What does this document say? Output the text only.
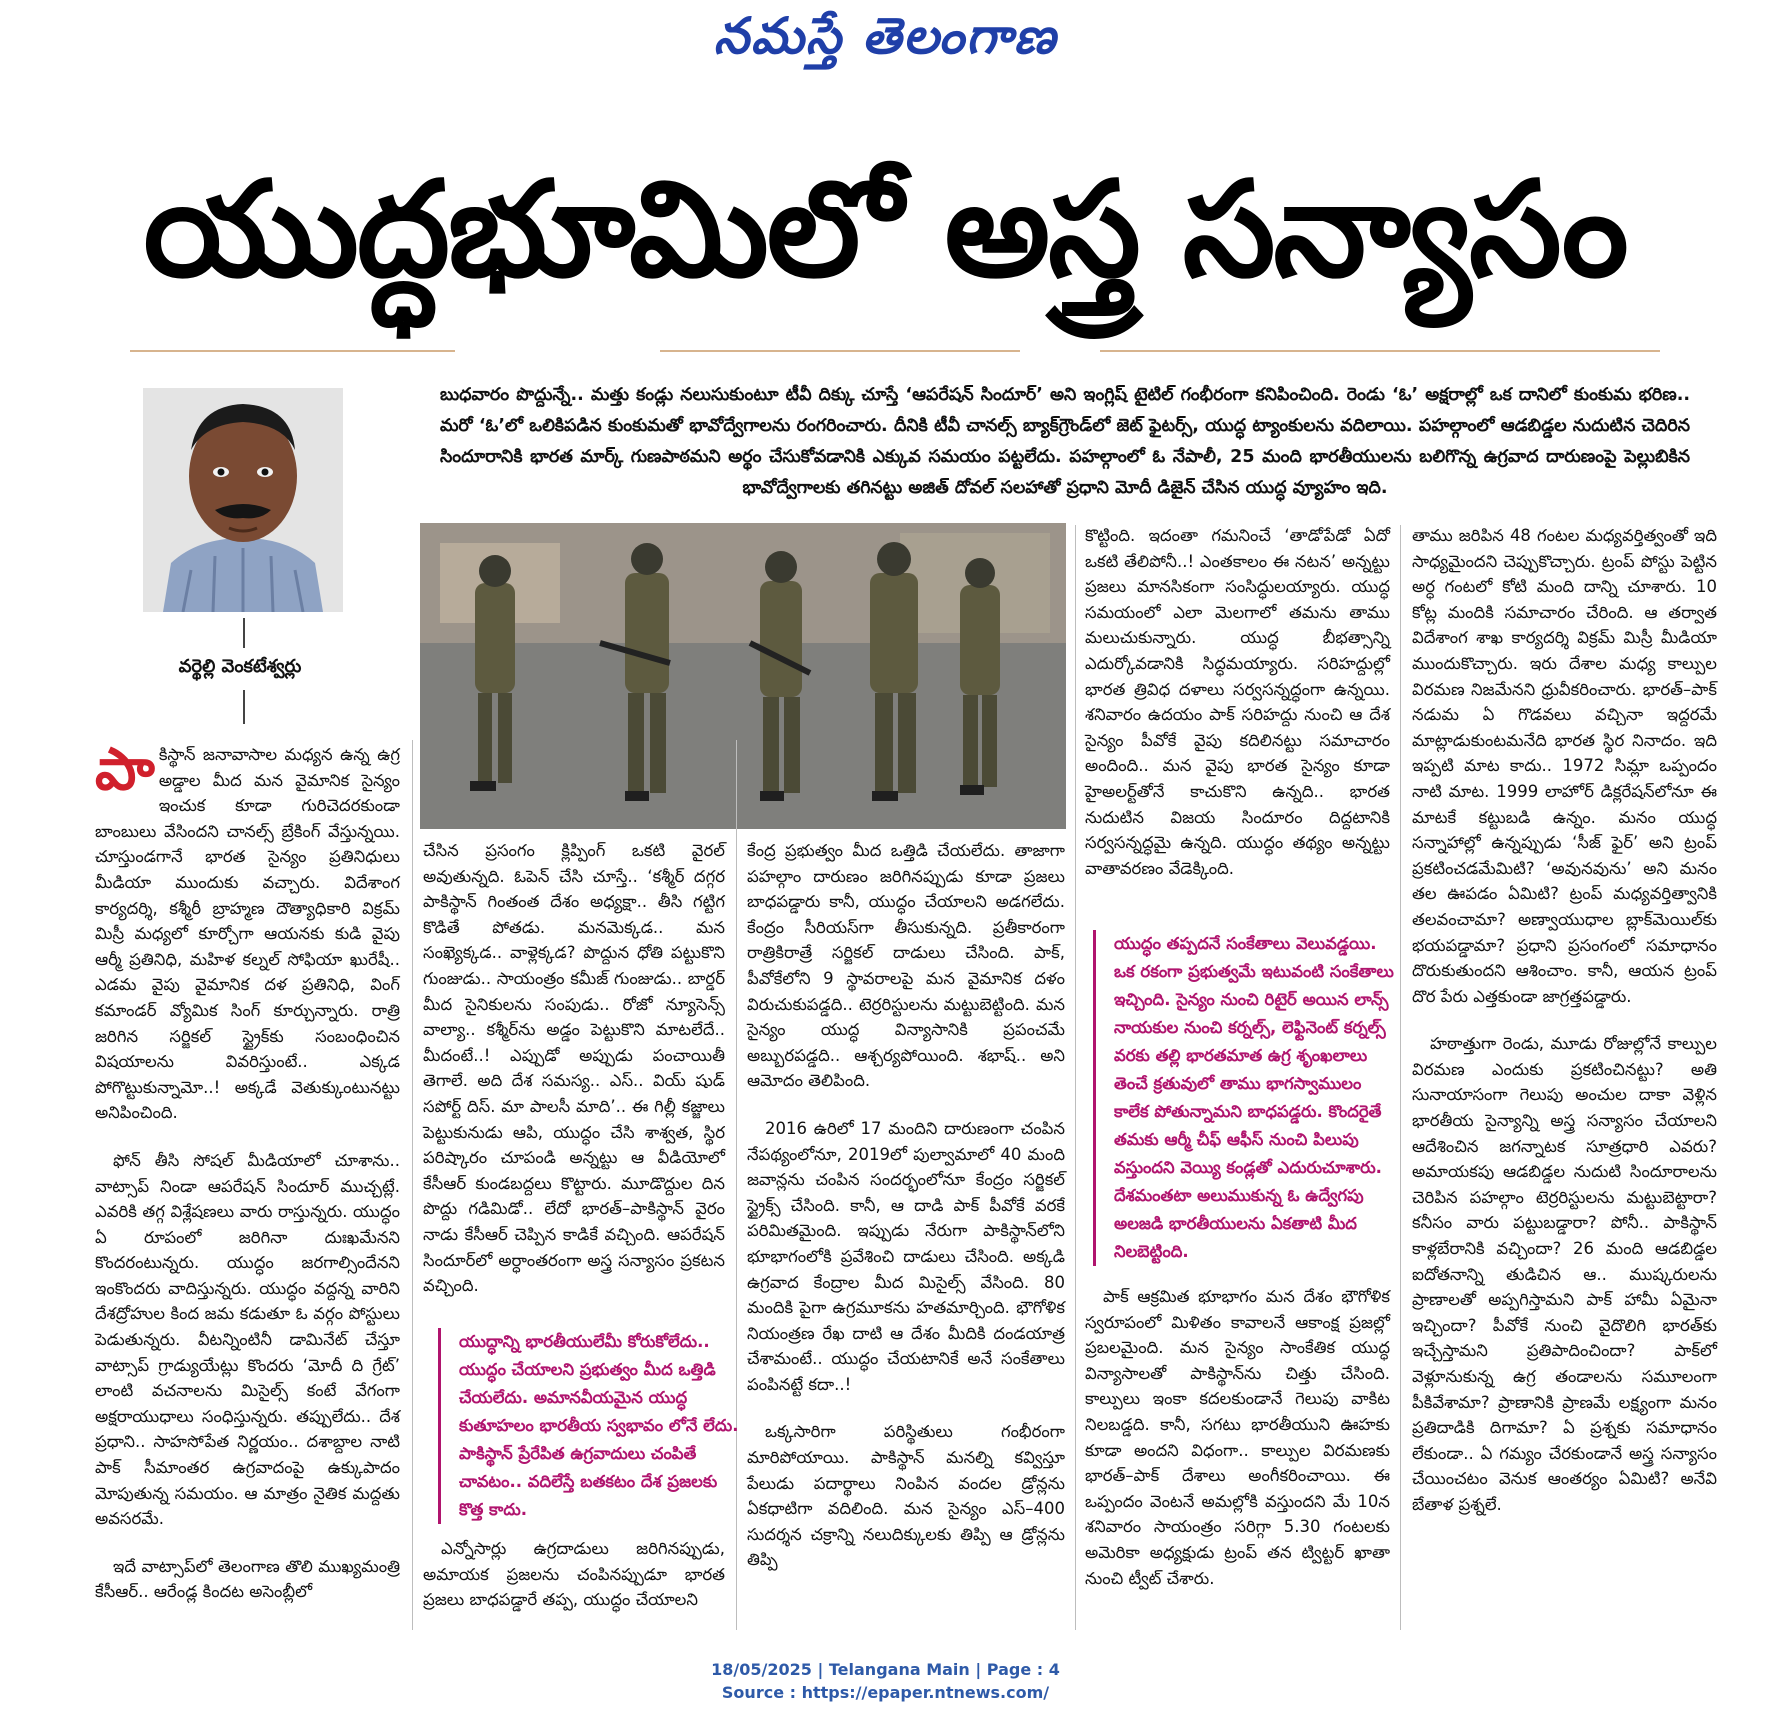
నమస్తే తెలంగాణ
యుద్ధభూమిలో అస్త్ర సన్యాసం
బుధవారం పొద్దున్నే.. మత్తు కండ్లు నలుసుకుంటూ టీవీ దిక్కు చూస్తే ‘ఆపరేషన్ సిందూర్’ అని ఇంగ్లిష్ టైటిల్ గంభీరంగా కనిపించింది. రెండు ‘ఓ’ అక్షరాల్లో ఒక దానిలో కుంకుమ భరిణ.. మరో ‘ఓ’లో ఒలికిపడిన కుంకుమతో భావోద్వేగాలను రంగరించారు. దీనికి టీవీ చానల్స్ బ్యాక్‌గ్రౌండ్‌లో జెట్ ఫైటర్స్, యుద్ధ ట్యాంకులను వదిలాయి. పహల్గాంలో ఆడబిడ్డల నుదుటిన చెదిరిన సిందూరానికి భారత మార్క్ గుణపాఠమని అర్థం చేసుకోవడానికి ఎక్కువ సమయం పట్టలేదు. పహల్గాంలో ఓ నేపాలీ, 25 మంది భారతీయులను బలిగొన్న ఉగ్రవాద దారుణంపై పెల్లుబికిన భావోద్వేగాలకు తగినట్టు అజిత్ దోవల్ సలహాతో ప్రధాని మోదీ డిజైన్ చేసిన యుద్ధ వ్యూహం ఇది.
వర్థెల్లి వెంకటేశ్వర్లు

పాకిస్థాన్ జనావాసాల మధ్యన ఉన్న ఉగ్ర అడ్డాల మీద మన వైమానిక సైన్యం ఇంచుక కూడా గురిచెదరకుండా బాంబులు వేసిందని చానల్స్ బ్రేకింగ్ వేస్తున్నయి. చూస్తుండగానే భారత సైన్యం ప్రతినిధులు మీడియా ముందుకు వచ్చారు. విదేశాంగ కార్యదర్శి, కశ్మీరీ బ్రాహ్మణ దౌత్యాధికారి విక్రమ్ మిస్రీ మధ్యలో కూర్చోగా ఆయనకు కుడి వైపు ఆర్మీ ప్రతినిధి, మహిళ కల్నల్ సోఫియా ఖురేషీ.. ఎడమ వైపు వైమానిక దళ ప్రతినిధి, వింగ్ కమాండర్ వ్యోమిక సింగ్ కూర్చున్నారు. రాత్రి జరిగిన సర్జికల్ స్ట్రైక్‌కు సంబంధించిన విషయాలను వివరిస్తుంటే.. ఎక్కడ పోగొట్టుకున్నామో..! అక్కడే వెతుక్కుంటునట్టు అనిపించింది.

ఫోన్ తీసి సోషల్ మీడియాలో చూశాను.. వాట్సాప్ నిండా ఆపరేషన్ సిందూర్ ముచ్చట్లే. ఎవరికి తగ్గ విశ్లేషణలు వారు రాస్తున్నరు. యుద్ధం ఏ రూపంలో జరిగినా దుఃఖమేనని కొందరంటున్నరు. యుద్ధం జరగాల్సిందేనని ఇంకొందరు వాదిస్తున్నరు. యుద్ధం వద్దన్న వారిని దేశద్రోహుల కింద జమ కడుతూ ఓ వర్గం పోస్టులు పెడుతున్నరు. వీటన్నింటినీ డామినేట్ చేస్తూ వాట్సాప్ గ్రాడ్యుయేట్లు కొందరు ‘మోదీ ది గ్రేట్’ లాంటి వచనాలను మిసైల్స్ కంటే వేగంగా అక్షరాయుధాలు సంధిస్తున్నరు. తప్పులేదు.. దేశ ప్రధాని.. సాహసోపేత నిర్ణయం.. దశాబ్దాల నాటి పాక్ సీమాంతర ఉగ్రవాదంపై ఉక్కుపాదం మోపుతున్న సమయం. ఆ మాత్రం నైతిక మద్దతు అవసరమే.

ఇదే వాట్సాప్‌లో తెలంగాణ తొలి ముఖ్యమంత్రి కేసీఆర్.. ఆరేండ్ల కిందట అసెంబ్లీలో

చేసిన ప్రసంగం క్లిప్పింగ్ ఒకటి వైరల్ అవుతున్నది. ఓపెన్ చేసి చూస్తే.. ‘కశ్మీర్ దగ్గర పాకిస్థాన్ గింతంత దేశం అధ్యక్షా.. తీసి గట్టిగ కొడితే పోతడు. మనమెక్కడ.. మన సంఖ్యెక్కడ.. వాళ్లెక్కడ? పొద్దున ధోతి పట్టుకొని గుంజుడు.. సాయంత్రం కమీజ్ గుంజుడు.. బార్డర్ మీద సైనికులను సంపుడు.. రోజో న్యూసెన్స్ వాల్యా.. కశ్మీర్‌ను అడ్డం పెట్టుకొని మాటలేదే.. మీదంటే..! ఎప్పుడో అప్పుడు పంచాయితీ తెగాలే. అది దేశ సమస్య.. ఎస్.. వియ్ షుడ్ సపోర్ట్ దిస్. మా పాలసీ మాది’.. ఈ గిల్లీ కజ్జాలు పెట్టుకునుడు ఆపి, యుద్ధం చేసి శాశ్వత, స్థిర పరిష్కారం చూపండి అన్నట్టు ఆ వీడియోలో కేసీఆర్ కుండబద్దలు కొట్టారు. మూడొద్దుల దిన పొద్దు గడిమిడో.. లేదో భారత్–పాకిస్థాన్ వైరం నాడు కేసీఆర్ చెప్పిన కాడికే వచ్చింది. ఆపరేషన్ సిందూర్‌లో అర్ధాంతరంగా అస్త్ర సన్యాసం ప్రకటన వచ్చింది.

యుద్ధాన్ని భారతీయులేమీ కోరుకోలేదు.. యుద్ధం చేయాలని ప్రభుత్వం మీద ఒత్తిడి చేయలేదు. అమానవీయమైన యుద్ధ కుతూహలం భారతీయ స్వభావం లోనే లేదు. పాకిస్థాన్ ప్రేరేపిత ఉగ్రవాదులు చంపితే చావటం.. వదిలేస్తే బతకటం దేశ ప్రజలకు కొత్త కాదు.

ఎన్నోసార్లు ఉగ్రదాడులు జరిగినప్పుడు, అమాయక ప్రజలను చంపినప్పుడూ భారత ప్రజలు బాధపడ్డారే తప్ప, యుద్ధం చేయాలని

కేంద్ర ప్రభుత్వం మీద ఒత్తిడి చేయలేదు. తాజాగా పహల్గాం దారుణం జరిగినప్పుడు కూడా ప్రజలు బాధపడ్డారు కానీ, యుద్ధం చేయాలని అడగలేదు. కేంద్రం సీరియస్‌గా తీసుకున్నది. ప్రతీకారంగా రాత్రికిరాత్రే సర్జికల్ దాడులు చేసింది. పాక్, పీవోకేలోని 9 స్థావరాలపై మన వైమానిక దళం విరుచుకుపడ్డది.. టెర్రరిస్టులను మట్టుబెట్టింది. మన సైన్యం యుద్ధ విన్యాసానికి ప్రపంచమే అబ్బురపడ్డది.. ఆశ్చర్యపోయింది. శభాష్.. అని ఆమోదం తెలిపింది.

2016 ఉరిలో 17 మందిని దారుణంగా చంపిన నేపథ్యంలోనూ, 2019లో పుల్వామాలో 40 మంది జవాన్లను చంపిన సందర్భంలోనూ కేంద్రం సర్జికల్ స్ట్రైక్స్ చేసింది. కానీ, ఆ దాడి పాక్ పీవోకే వరకే పరిమితమైంది. ఇప్పుడు నేరుగా పాకిస్థాన్‌లోని భూభాగంలోకి ప్రవేశించి దాడులు చేసింది. అక్కడి ఉగ్రవాద కేంద్రాల మీద మిసైల్స్ వేసింది. 80 మందికి పైగా ఉగ్రమూకను హతమార్చింది. భౌగోళిక నియంత్రణ రేఖ దాటి ఆ దేశం మీదికి దండయాత్ర చేశామంటే.. యుద్ధం చేయటానికే అనే సంకేతాలు పంపినట్టే కదా..!

ఒక్కసారిగా పరిస్థితులు గంభీరంగా మారిపోయాయి. పాకిస్థాన్ మనల్ని కవ్విస్తూ పేలుడు పదార్థాలు నింపిన వందల డ్రోన్లను ఏకధాటిగా వదిలింది. మన సైన్యం ఎస్–400 సుదర్శన చక్రాన్ని నలుదిక్కులకు తిప్పి ఆ డ్రోన్లను తిప్పి

కొట్టింది. ఇదంతా గమనించే ‘తాడోపేడో ఏదో ఒకటి తేలిపోనీ..! ఎంతకాలం ఈ నటన’ అన్నట్టు ప్రజలు మానసికంగా సంసిద్ధులయ్యారు. యుద్ధ సమయంలో ఎలా మెలగాలో తమను తాము మలుచుకున్నారు. యుద్ధ బీభత్సాన్ని ఎదుర్కోవడానికి సిద్ధమయ్యారు. సరిహద్దుల్లో భారత త్రివిధ దళాలు సర్వసన్నద్ధంగా ఉన్నయి. శనివారం ఉదయం పాక్ సరిహద్దు నుంచి ఆ దేశ సైన్యం పీవోకే వైపు కదిలినట్టు సమాచారం అందింది.. మన వైపు భారత సైన్యం కూడా హైఅలర్ట్‌తోనే కాచుకొని ఉన్నది.. భారత నుదుటిన విజయ సిందూరం దిద్దటానికి సర్వసన్నద్ధమై ఉన్నది. యుద్ధం తథ్యం అన్నట్టు వాతావరణం వేడెక్కింది.

యుద్ధం తప్పదనే సంకేతాలు వెలువడ్డయి. ఒక రకంగా ప్రభుత్వమే ఇటువంటి సంకేతాలు ఇచ్చింది. సైన్యం నుంచి రిటైర్ అయిన లాన్స్ నాయకుల నుంచి కర్నల్స్, లెఫ్టినెంట్ కర్నల్స్ వరకు తల్లి భారతమాత ఉగ్ర శృంఖలాలు తెంచే క్రతువులో తాము భాగస్వాములం కాలేక పోతున్నామని బాధపడ్డరు. కొందరైతే తమకు ఆర్మీ చీఫ్ ఆఫీస్ నుంచి పిలుపు వస్తుందని వెయ్యి కండ్లతో ఎదురుచూశారు. దేశమంతటా అలుముకున్న ఓ ఉద్వేగపు అలజడి భారతీయులను ఏకతాటి మీద నిలబెట్టింది.

పాక్ ఆక్రమిత భూభాగం మన దేశం భౌగోళిక స్వరూపంలో మిళితం కావాలనే ఆకాంక్ష ప్రజల్లో ప్రబలమైంది. మన సైన్యం సాంకేతిక యుద్ధ విన్యాసాలతో పాకిస్థాన్‌ను చిత్తు చేసింది. కాల్పులు ఇంకా కదలకుండానే గెలుపు వాకిట నిలబడ్డది. కానీ, సగటు భారతీయుని ఊహకు కూడా అందని విధంగా.. కాల్పుల విరమణకు భారత్–పాక్ దేశాలు అంగీకరించాయి. ఈ ఒప్పందం వెంటనే అమల్లోకి వస్తుందని మే 10న శనివారం సాయంత్రం సరిగ్గా 5.30 గంటలకు అమెరికా అధ్యక్షుడు ట్రంప్ తన ట్విట్టర్ ఖాతా నుంచి ట్వీట్ చేశారు.

తాము జరిపిన 48 గంటల మధ్యవర్తిత్వంతో ఇది సాధ్యమైందని చెప్పుకొచ్చారు. ట్రంప్ పోస్టు పెట్టిన అర్ధ గంటలో కోటి మంది దాన్ని చూశారు. 10 కోట్ల మందికి సమాచారం చేరింది. ఆ తర్వాత విదేశాంగ శాఖ కార్యదర్శి విక్రమ్ మిస్రీ మీడియా ముందుకొచ్చారు. ఇరు దేశాల మధ్య కాల్పుల విరమణ నిజమేనని ధ్రువీకరించారు. భారత్–పాక్ నడుమ ఏ గొడవలు వచ్చినా ఇద్దరమే మాట్లాడుకుంటమనేది భారత స్థిర నినాదం. ఇది ఇప్పటి మాట కాదు.. 1972 సిమ్లా ఒప్పందం నాటి మాట. 1999 లాహోర్ డిక్లరేషన్‌లోనూ ఈ మాటకే కట్టుబడి ఉన్నం. మనం యుద్ధ సన్నాహాల్లో ఉన్నప్పుడు ‘సీజ్ ఫైర్’ అని ట్రంప్ ప్రకటించడమేమిటి? ‘అవునవును’ అని మనం తల ఊపడం ఏమిటి? ట్రంప్ మధ్యవర్తిత్వానికి తలవంచామా? అణ్వాయుధాల బ్లాక్‌మెయిల్‌కు భయపడ్డామా? ప్రధాని ప్రసంగంలో సమాధానం దొరుకుతుందని ఆశించాం. కానీ, ఆయన ట్రంప్ దొర పేరు ఎత్తకుండా జాగ్రత్తపడ్డారు.

హఠాత్తుగా రెండు, మూడు రోజుల్లోనే కాల్పుల విరమణ ఎందుకు ప్రకటించినట్టు? అతి సునాయాసంగా గెలుపు అంచుల దాకా వెళ్లిన భారతీయ సైన్యాన్ని అస్త్ర సన్యాసం చేయాలని ఆదేశించిన జగన్నాటక సూత్రధారి ఎవరు? అమాయకపు ఆడబిడ్డల నుదుటి సిందూరాలను చెరిపిన పహల్గాం టెర్రరిస్టులను మట్టుబెట్టారా? కనీసం వారు పట్టుబడ్డారా? పోనీ.. పాకిస్థాన్ కాళ్లబేరానికి వచ్చిందా? 26 మంది ఆడబిడ్డల ఐదోతనాన్ని తుడిచిన ఆ.. ముష్కరులను ప్రాణాలతో అప్పగిస్తామని పాక్ హామీ ఏమైనా ఇచ్చిందా? పీవోకే నుంచి వైదొలిగి భారత్‌కు ఇచ్చేస్తామని ప్రతిపాదించిందా? పాక్‌లో వెళ్లూనుకున్న ఉగ్ర తండాలను సమూలంగా పీకివేశామా? ప్రాణానికి ప్రాణమే లక్ష్యంగా మనం ప్రతిదాడికి దిగామా? ఏ ప్రశ్నకు సమాధానం లేకుండా.. ఏ గమ్యం చేరకుండానే అస్త్ర సన్యాసం చేయించటం వెనుక ఆంతర్యం ఏమిటి? అనేవి బేతాళ ప్రశ్నలే.

18/05/2025 | Telangana Main | Page : 4
Source : https://epaper.ntnews.com/
